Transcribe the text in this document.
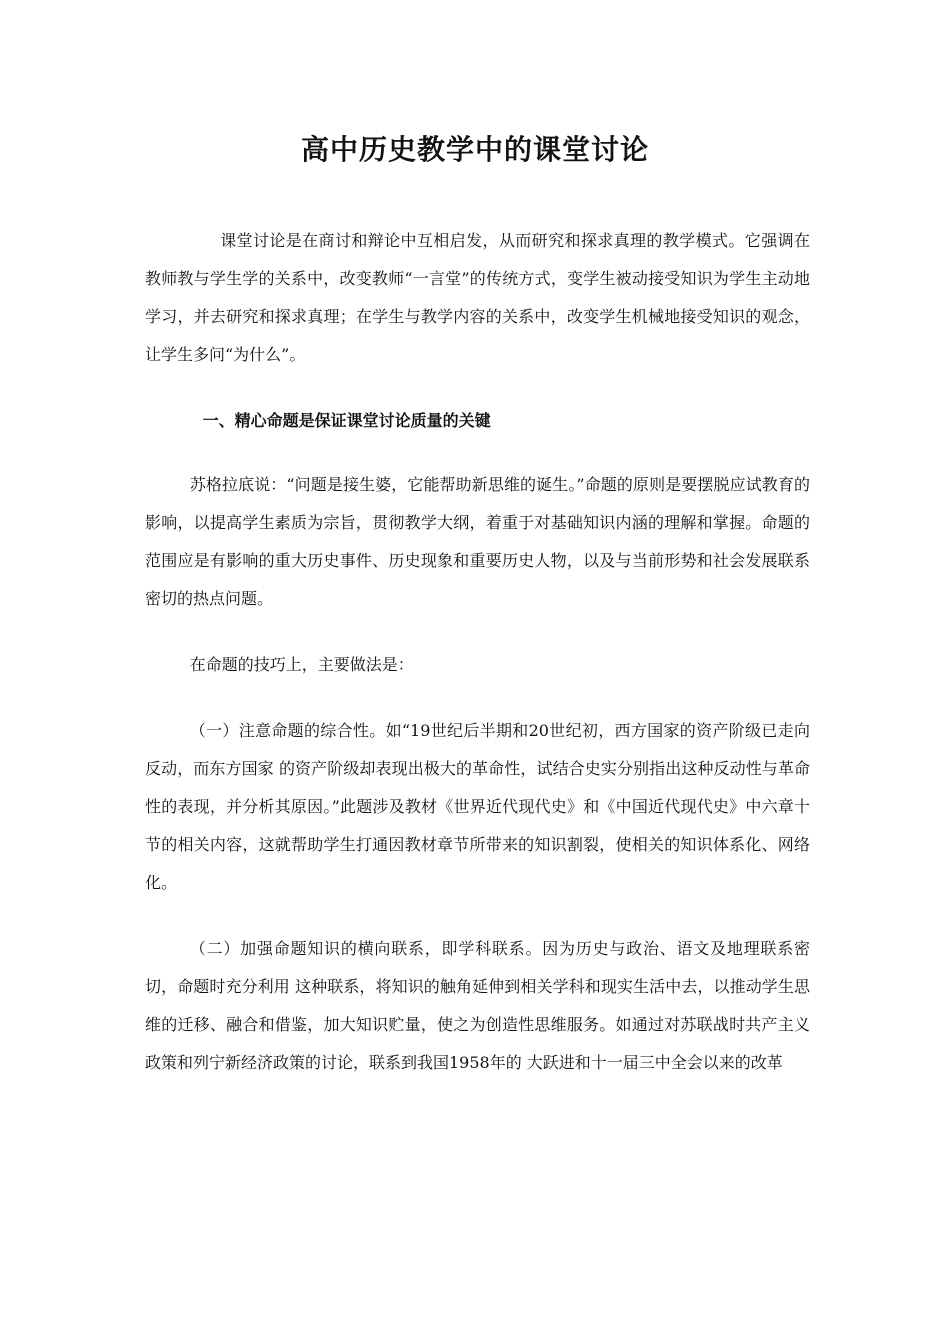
高中历史教学中的课堂讨论

课堂讨论是在商讨和辩论中互相启发，从而研究和探求真理的教学模式。它强调在教师教与学生学的关系中，改变教师“一言堂”的传统方式，变学生被动接受知识为学生主动地学习，并去研究和探求真理；在学生与教学内容的关系中，改变学生机械地接受知识的观念，让学生多问“为什么”。

一、精心命题是保证课堂讨论质量的关键

苏格拉底说：“问题是接生婆，它能帮助新思维的诞生。”命题的原则是要摆脱应试教育的影响，以提高学生素质为宗旨，贯彻教学大纲，着重于对基础知识内涵的理解和掌握。命题的范围应是有影响的重大历史事件、历史现象和重要历史人物，以及与当前形势和社会发展联系密切的热点问题。

在命题的技巧上，主要做法是：

（一）注意命题的综合性。如“19世纪后半期和20世纪初，西方国家的资产阶级已走向反动，而东方国家 的资产阶级却表现出极大的革命性，试结合史实分别指出这种反动性与革命性的表现，并分析其原因。”此题涉及教材《世界近代现代史》和《中国近代现代史》中六章十节的相关内容，这就帮助学生打通因教材章节所带来的知识割裂，使相关的知识体系化、网络化。

（二）加强命题知识的横向联系，即学科联系。因为历史与政治、语文及地理联系密切，命题时充分利用 这种联系，将知识的触角延伸到相关学科和现实生活中去，以推动学生思维的迁移、融合和借鉴，加大知识贮量，使之为创造性思维服务。如通过对苏联战时共产主义政策和列宁新经济政策的讨论，联系到我国1958年的 大跃进和十一届三中全会以来的改革
